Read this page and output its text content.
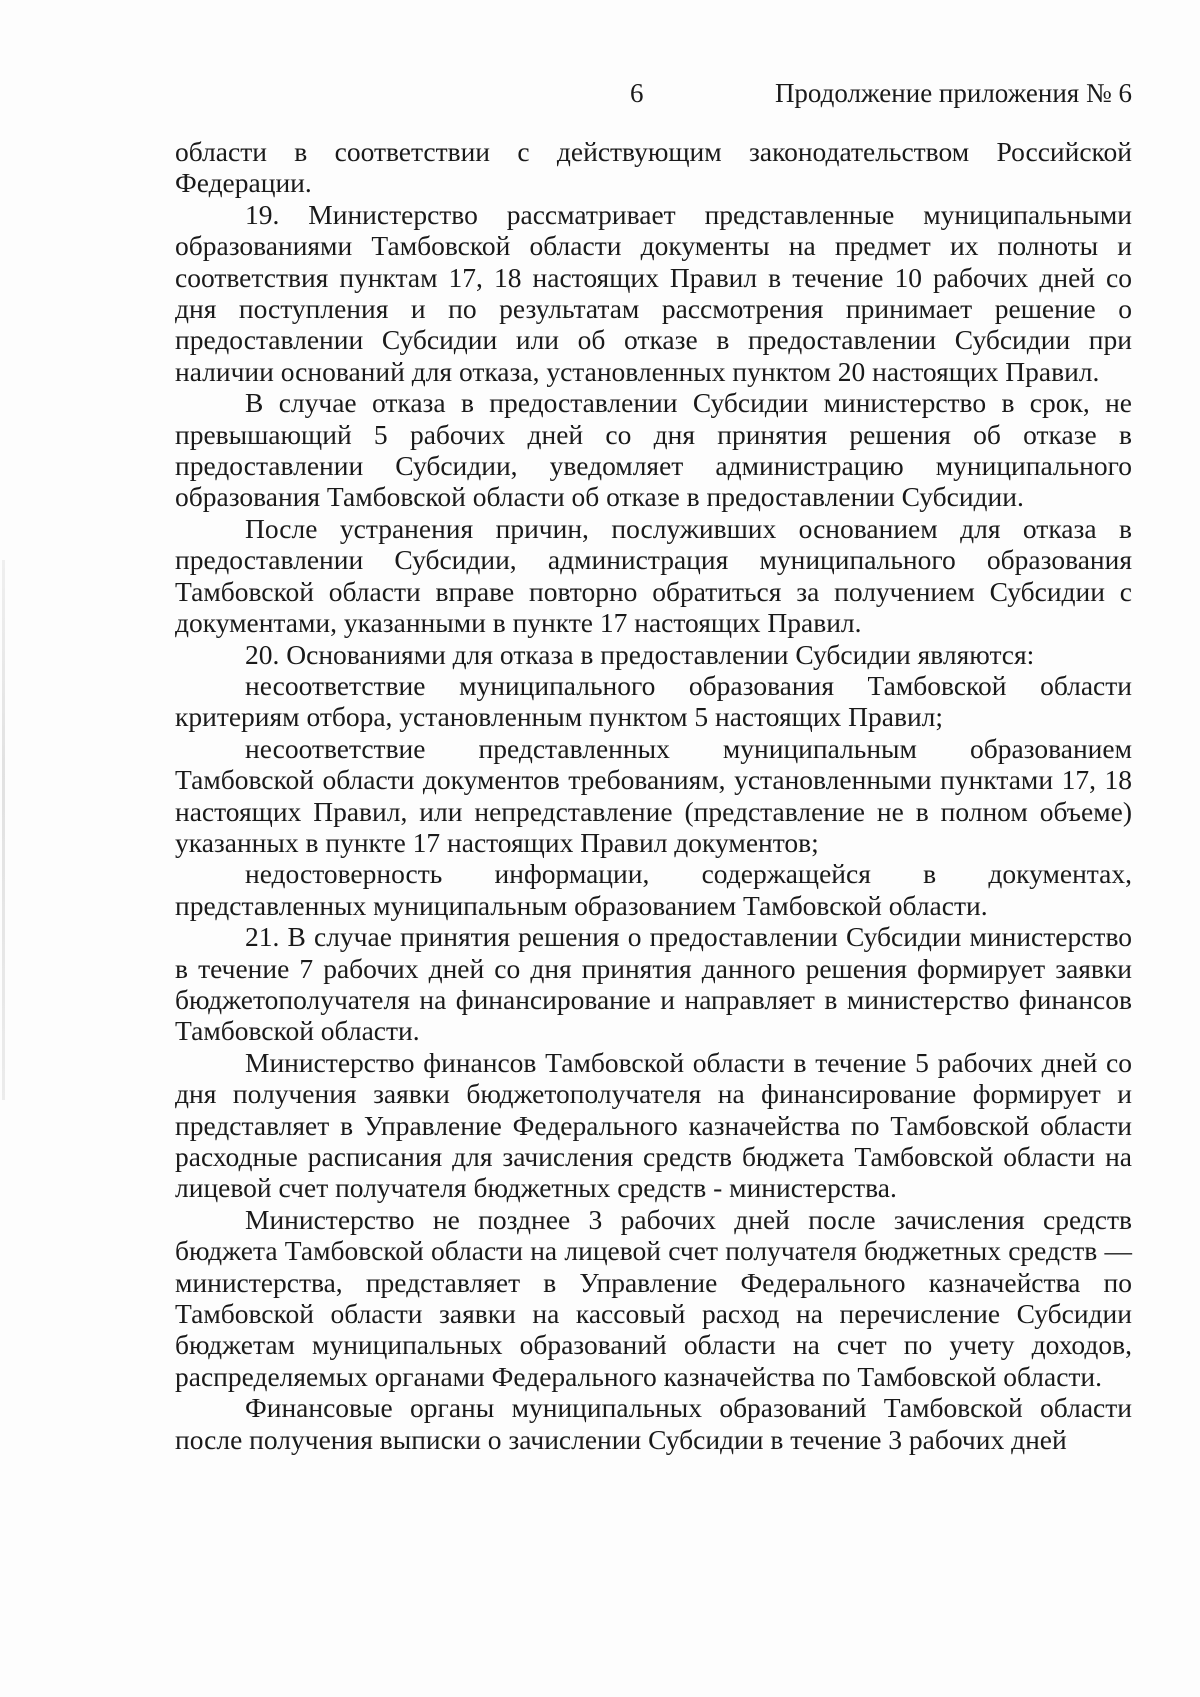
6	Продолжение приложения № 6

области в соответствии с действующим законодательством Российской Федерации.

19. Министерство рассматривает представленные муниципальными образованиями Тамбовской области документы на предмет их полноты и соответствия пунктам 17, 18 настоящих Правил в течение 10 рабочих дней со дня поступления и по результатам рассмотрения принимает решение о предоставлении Субсидии или об отказе в предоставлении Субсидии при наличии оснований для отказа, установленных пунктом 20 настоящих Правил.

В случае отказа в предоставлении Субсидии министерство в срок, не превышающий 5 рабочих дней со дня принятия решения об отказе в предоставлении Субсидии, уведомляет администрацию муниципального образования Тамбовской области об отказе в предоставлении Субсидии.

После устранения причин, послуживших основанием для отказа в предоставлении Субсидии, администрация муниципального образования Тамбовской области вправе повторно обратиться за получением Субсидии с документами, указанными в пункте 17 настоящих Правил.

20. Основаниями для отказа в предоставлении Субсидии являются:

несоответствие муниципального образования Тамбовской области критериям отбора, установленным пунктом 5 настоящих Правил;

несоответствие представленных муниципальным образованием Тамбовской области документов требованиям, установленными пунктами 17, 18 настоящих Правил, или непредставление (представление не в полном объеме) указанных в пункте 17 настоящих Правил документов;

недостоверность информации, содержащейся в документах, представленных муниципальным образованием Тамбовской области.

21. В случае принятия решения о предоставлении Субсидии министерство в течение 7 рабочих дней со дня принятия данного решения формирует заявки бюджетополучателя на финансирование и направляет в министерство финансов Тамбовской области.

Министерство финансов Тамбовской области в течение 5 рабочих дней со дня получения заявки бюджетополучателя на финансирование формирует и представляет в Управление Федерального казначейства по Тамбовской области расходные расписания для зачисления средств бюджета Тамбовской области на лицевой счет получателя бюджетных средств - министерства.

Министерство не позднее 3 рабочих дней после зачисления средств бюджета Тамбовской области на лицевой счет получателя бюджетных средств — министерства, представляет в Управление Федерального казначейства по Тамбовской области заявки на кассовый расход на перечисление Субсидии бюджетам муниципальных образований области на счет по учету доходов, распределяемых органами Федерального казначейства по Тамбовской области.

Финансовые органы муниципальных образований Тамбовской области после получения выписки о зачислении Субсидии в течение 3 рабочих дней
